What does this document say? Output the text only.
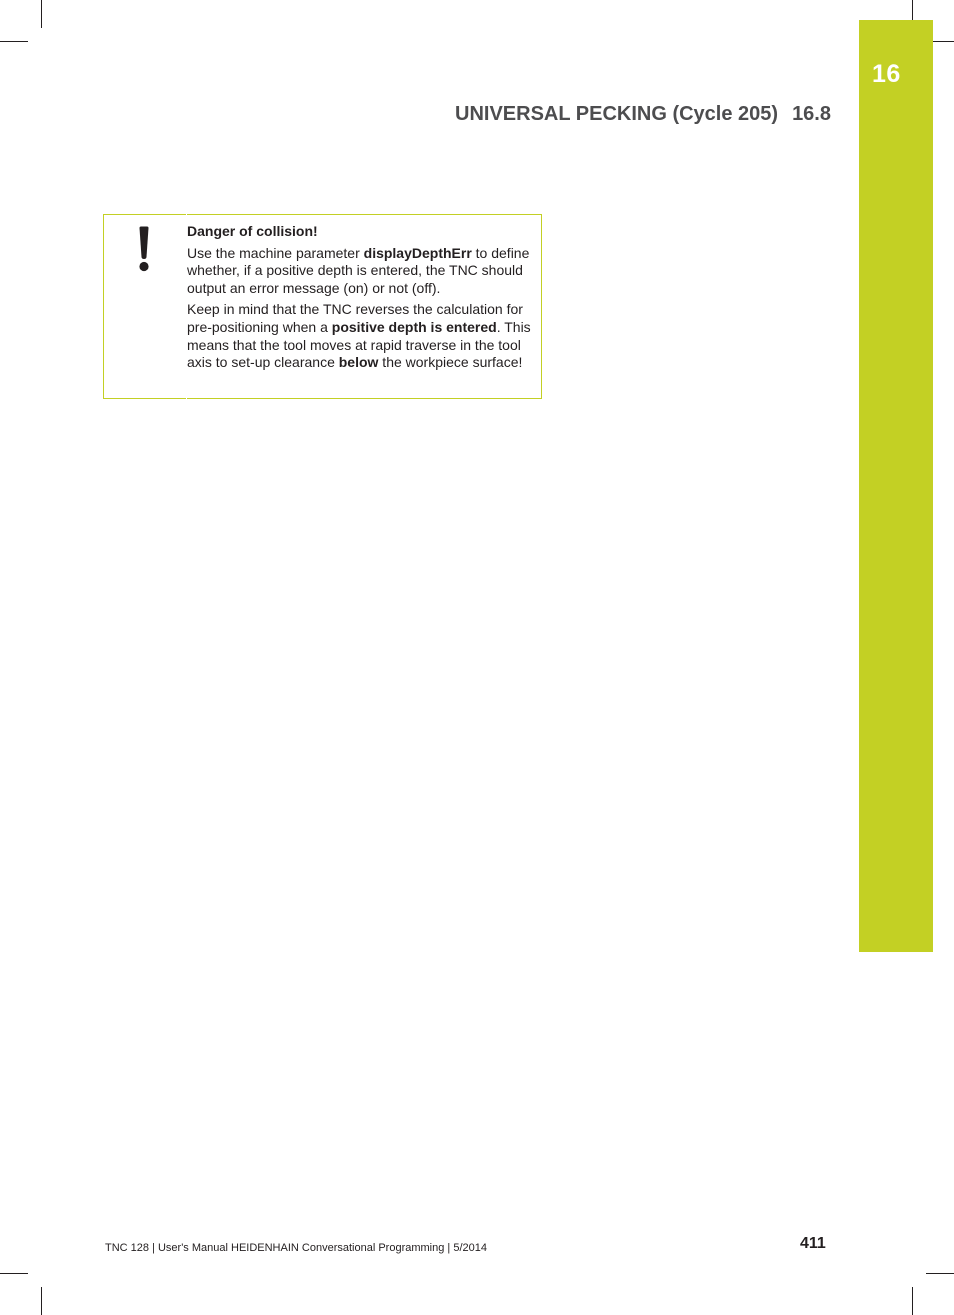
16
UNIVERSAL PECKING (Cycle 205) 16.8

Danger of collision!

Use the machine parameter displayDepthErr to define whether, if a positive depth is entered, the TNC should output an error message (on) or not (off).

Keep in mind that the TNC reverses the calculation for pre-positioning when a positive depth is entered. This means that the tool moves at rapid traverse in the tool axis to set-up clearance below the workpiece surface!

TNC 128 | User's Manual HEIDENHAIN Conversational Programming | 5/2014	411
